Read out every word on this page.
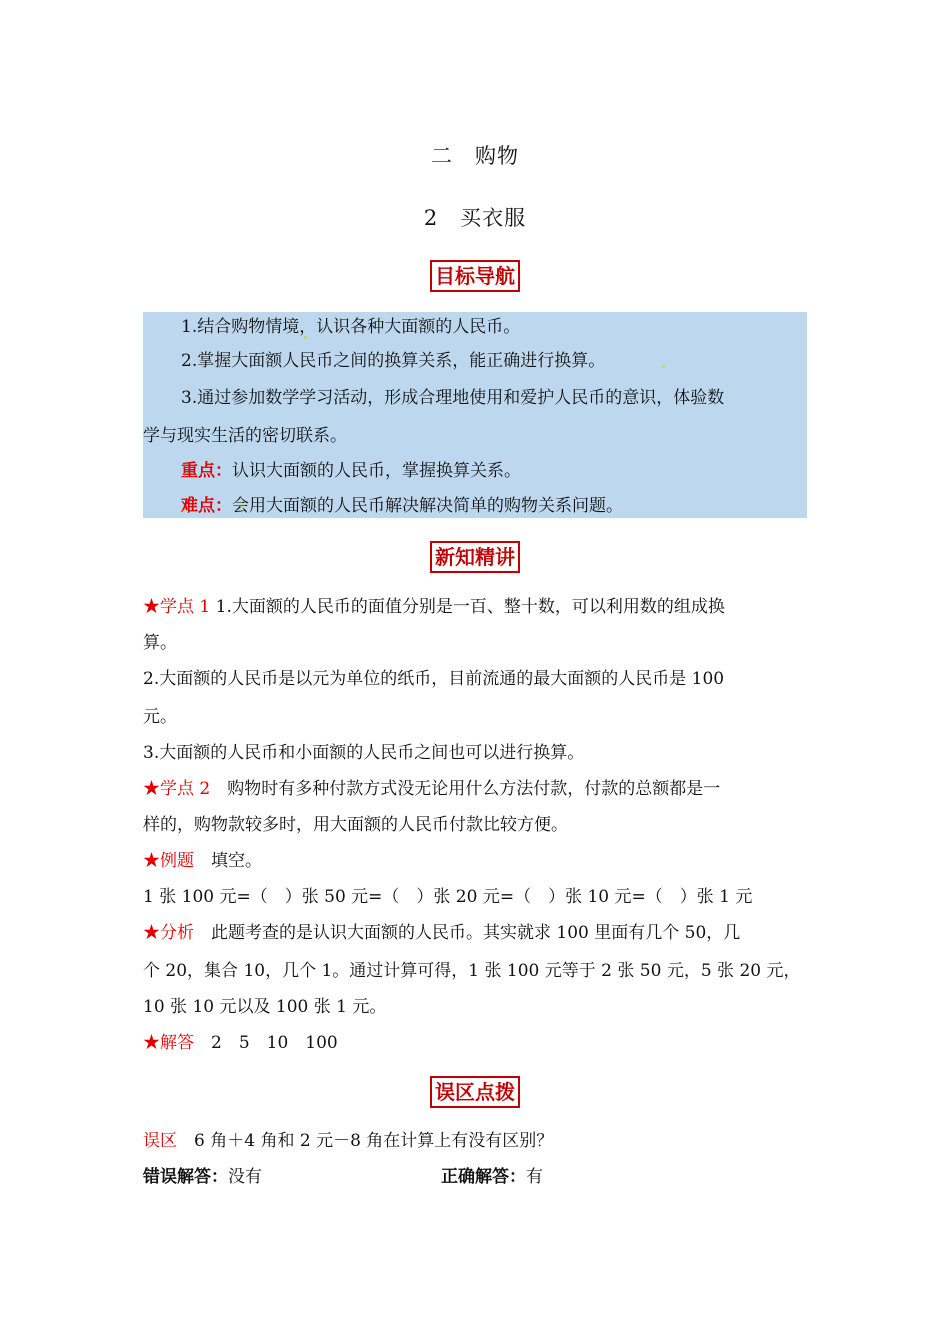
二　购物
2　买衣服
目标导航
1.结合购物情境，认识各种大面额的人民币。
2.掌握大面额人民币之间的换算关系，能正确进行换算。
3.通过参加数学学习活动，形成合理地使用和爱护人民币的意识，体验数
学与现实生活的密切联系。
重点：认识大面额的人民币，掌握换算关系。
难点：会用大面额的人民币解决解决简单的购物关系问题。
新知精讲
★学点 1 1.大面额的人民币的面值分别是一百、整十数，可以利用数的组成换
算。
2.大面额的人民币是以元为单位的纸币，目前流通的最大面额的人民币是 100
元。
3.大面额的人民币和小面额的人民币之间也可以进行换算。
★学点 2　购物时有多种付款方式没无论用什么方法付款，付款的总额都是一
样的，购物款较多时，用大面额的人民币付款比较方便。
★例题　填空。
1 张 100 元=（　）张 50 元=（　）张 20 元=（　）张 10 元=（　）张 1 元
★分析　此题考查的是认识大面额的人民币。其实就求 100 里面有几个 50，几
个 20，集合 10，几个 1。通过计算可得，1 张 100 元等于 2 张 50 元，5 张 20 元，
10 张 10 元以及 100 张 1 元。
★解答　2　5　10　100
误区点拨
误区　6 角＋4 角和 2 元－8 角在计算上有没有区别？
错误解答：没有	正确解答：有
